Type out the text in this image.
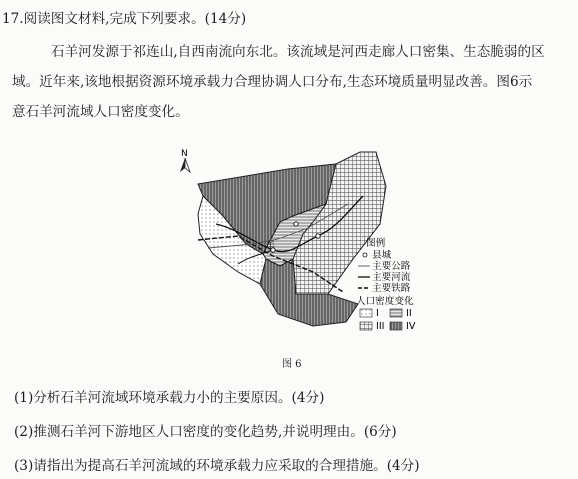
17.阅读图文材料,完成下列要求。(14分)
石羊河发源于祁连山,自西南流向东北。该流域是河西走廊人口密集、生态脆弱的区
域。近年来,该地根据资源环境承载力合理协调人口分布,生态环境质量明显改善。图6示
意石羊河流域人口密度变化。
N
羊	图例
县城
主要公路
主要河流
主要铁路
人口密度变化
I	II
III IV
图 6
(1)分析石羊河流域环境承载力小的主要原因。(4分)
(2)推测石羊河下游地区人口密度的变化趋势,并说明理由。(6分)
(3)请指出为提高石羊河流域的环境承载力应采取的合理措施。(4分)
